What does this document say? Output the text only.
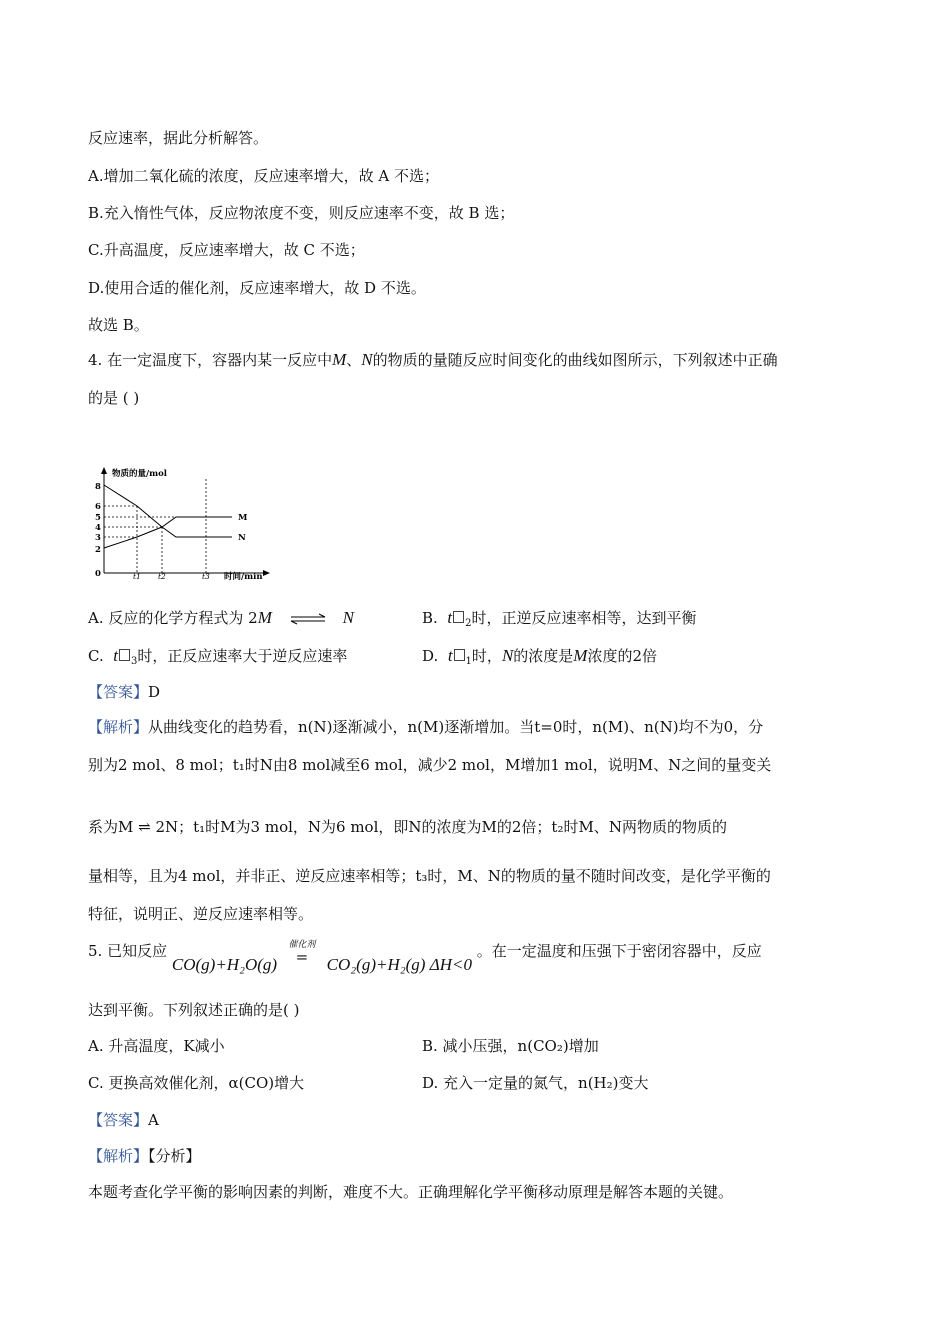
反应速率，据此分析解答。
A.增加二氧化硫的浓度，反应速率增大，故 A 不选；
B.充入惰性气体，反应物浓度不变，则反应速率不变，故 B 选；
C.升高温度，反应速率增大，故 C 不选；
D.使用合适的催化剂，反应速率增大，故 D 不选。
故选 B。
4. 在一定温度下，容器内某一反应中M、N的物质的量随反应时间变化的曲线如图所示，下列叙述中正确
的是 ( )
物质的量/mol
时间/min
8
6
5
4
3
2
0
M
N
t1 t2	t3
A. 反应的化学方程式为 2M ⇌ N	B. t $_2$时，正逆反应速率相等，达到平衡
C. t $_3$时，正反应速率大于逆反应速率	D. t $_1$时，N的浓度是M浓度的2倍
【答案】D
【解析】从曲线变化的趋势看，n(N)逐渐减小，n(M)逐渐增加。当t=0时，n(M)、n(N)均不为0，分
别为2 mol、8 mol；t₁时N由8 mol减至6 mol，减少2 mol，M增加1 mol，说明M、N之间的量变关
系为M ⇌ 2N；t₁时M为3 mol，N为6 mol，即N的浓度为M的2倍；t₂时M、N两物质的物质的
量相等，且为4 mol，并非正、逆反应速率相等；t₃时，M、N的物质的量不随时间改变，是化学平衡的
特征，说明正、逆反应速率相等。
5. 已知反应 CO(g)+H₂O(g)
催化剂
= CO₂(g)+H₂(g) ΔH<0 。在一定温度和压强下于密闭容器中，反应
达到平衡。下列叙述正确的是( )
A. 升高温度，K减小	B. 减小压强，n(CO₂)增加
C. 更换高效催化剂，α(CO)增大	D. 充入一定量的氮气，n(H₂)变大
【答案】A
【解析】【分析】
本题考查化学平衡的影响因素的判断，难度不大。正确理解化学平衡移动原理是解答本题的关键。
